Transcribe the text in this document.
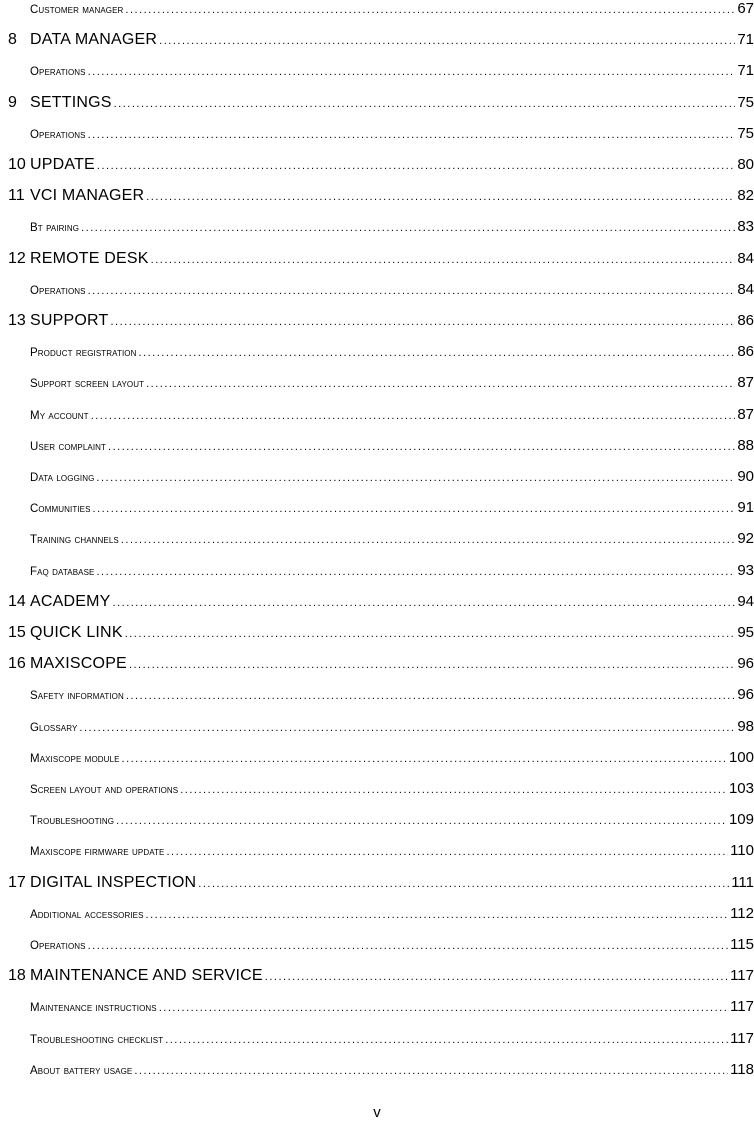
Customer manager .....	67
8 DATA MANAGER .....	71
Operations .....	71
9 SETTINGS .....	75
Operations .....	75
10 UPDATE .....	80
11 VCI MANAGER .....	82
Bt pairing .....	83
12 REMOTE DESK .....	84
Operations .....	84
13 SUPPORT .....	86
Product registration .....	86
Support screen layout .....	87
My account .....	87
User complaint .....	88
Data logging .....	90
Communities .....	91
Training channels .....	92
Faq database .....	93
14 ACADEMY .....	94
15 QUICK LINK .....	95
16 MAXISCOPE .....	96
Safety information .....	96
Glossary .....	98
Maxiscope module .....	100
Screen layout and operations .....	103
Troubleshooting .....	109
Maxiscope firmware update .....	110
17 DIGITAL INSPECTION .....	111
Additional accessories .....	112
Operations .....	115
18 MAINTENANCE AND SERVICE .....	117
Maintenance instructions .....	117
Troubleshooting checklist .....	117
About battery usage .....	118
v
